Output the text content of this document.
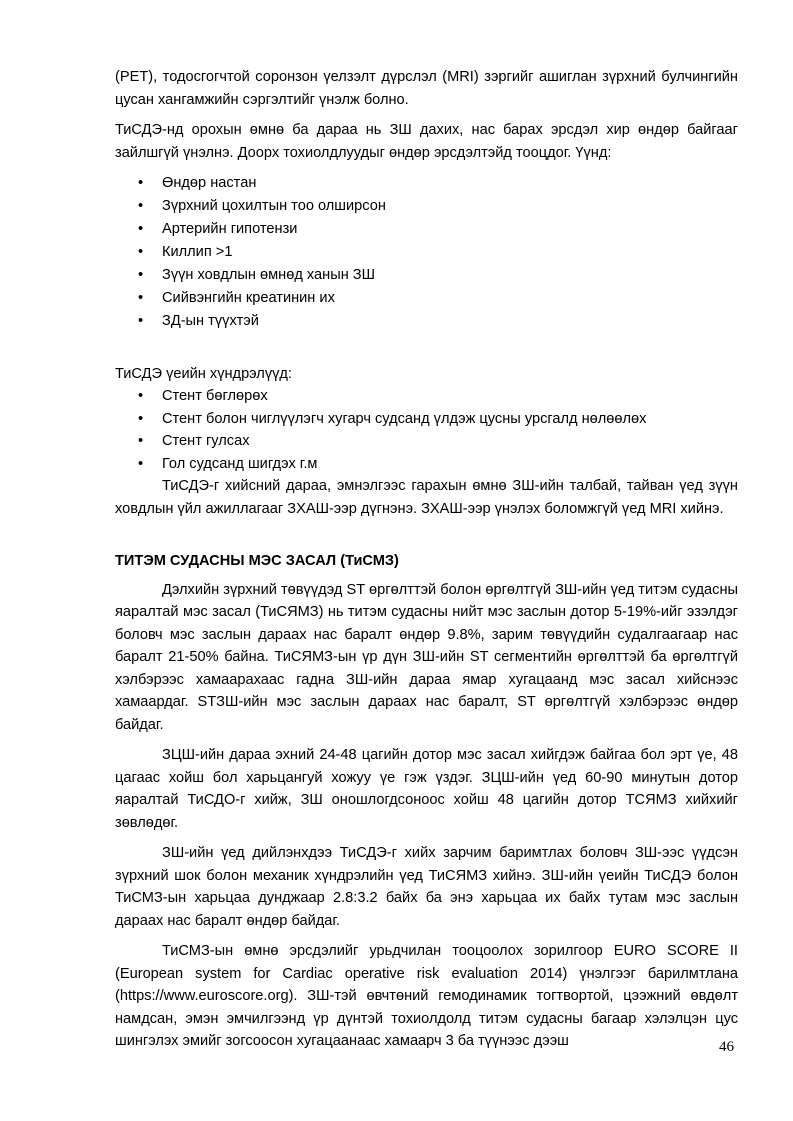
(PET), тодосгогчтой соронзон үелзэлт дүрслэл (MRI) зэргийг ашиглан зүрхний булчингийн цусан хангамжийн сэргэлтийг үнэлж болно.

ТиСДЭ-нд орохын өмнө ба дараа нь ЗШ дахих, нас барах эрсдэл хир өндөр байгааг зайлшгүй үнэлнэ. Доорх тохиолдлуудыг өндөр эрсдэлтэйд тооцдог. Үүнд:

• Өндөр настан
• Зүрхний цохилтын тоо олширсон
• Артерийн гипотензи
• Киллип >1
• Зүүн ховдлын өмнөд ханын ЗШ
• Сийвэнгийн креатинин их
• ЗД-ын түүхтэй

ТиСДЭ үеийн хүндрэлүүд:

• Стент бөглөрөх
• Стент болон чиглүүлэгч хугарч судсанд үлдэж цусны урсгалд нөлөөлөх
• Стент гулсах
• Гол судсанд шигдэх г.м

ТиСДЭ-г хийсний дараа, эмнэлгээс гарахын өмнө ЗШ-ийн талбай, тайван үед зүүн ховдлын үйл ажиллагааг ЗХАШ-ээр дүгнэнэ. ЗХАШ-ээр үнэлэх боломжгүй үед MRI хийнэ.

ТИТЭМ СУДАСНЫ МЭС ЗАСАЛ (ТиСМЗ)

Дэлхийн зүрхний төвүүдэд ST өргөлттэй болон өргөлтгүй ЗШ-ийн үед титэм судасны яаралтай мэс засал (ТиСЯМЗ) нь титэм судасны нийт мэс заслын дотор 5-19%-ийг эзэлдэг боловч мэс заслын дараах нас баралт өндөр 9.8%, зарим төвүүдийн судалгаагаар нас баралт 21-50% байна. ТиСЯМЗ-ын үр дүн ЗШ-ийн ST сегментийн өргөлттэй ба өргөлтгүй хэлбэрээс хамаарахаас гадна ЗШ-ийн дараа ямар хугацаанд мэс засал хийснээс хамаардаг. STЗШ-ийн мэс заслын дараах нас баралт, ST өргөлтгүй хэлбэрээс өндөр байдаг.

ЗЦШ-ийн дараа эхний 24-48 цагийн дотор мэс засал хийгдэж байгаа бол эрт үе, 48 цагаас хойш бол харьцангуй хожуу үе гэж үздэг. ЗЦШ-ийн үед 60-90 минутын дотор яаралтай ТиСДО-г хийж, ЗШ оношлогдсоноос хойш 48 цагийн дотор ТСЯМЗ хийхийг зөвлөдөг.

ЗШ-ийн үед дийлэнхдээ ТиСДЭ-г хийх зарчим баримтлах боловч ЗШ-ээс үүдсэн зүрхний шок болон механик хүндрэлийн үед ТиСЯМЗ хийнэ. ЗШ-ийн үеийн ТиСДЭ болон ТиСМЗ-ын харьцаа дунджаар 2.8:3.2 байх ба энэ харьцаа их байх тутам мэс заслын дараах нас баралт өндөр байдаг.

ТиСМЗ-ын өмнө эрсдэлийг урьдчилан тооцоолох зорилгоор EURO SCORE II (European system for Cardiac operative risk evaluation 2014) үнэлгээг барилмтлана (https://www.euroscore.org). ЗШ-тэй өвчтөний гемодинамик тогтвортой, цээжний өвдөлт намдсан, эмэн эмчилгээнд үр дүнтэй тохиолдолд титэм судасны багаар хэлэлцэн цус шингэлэх эмийг зогсоосон хугацаанаас хамаарч 3 ба түүнээс дээш	46
